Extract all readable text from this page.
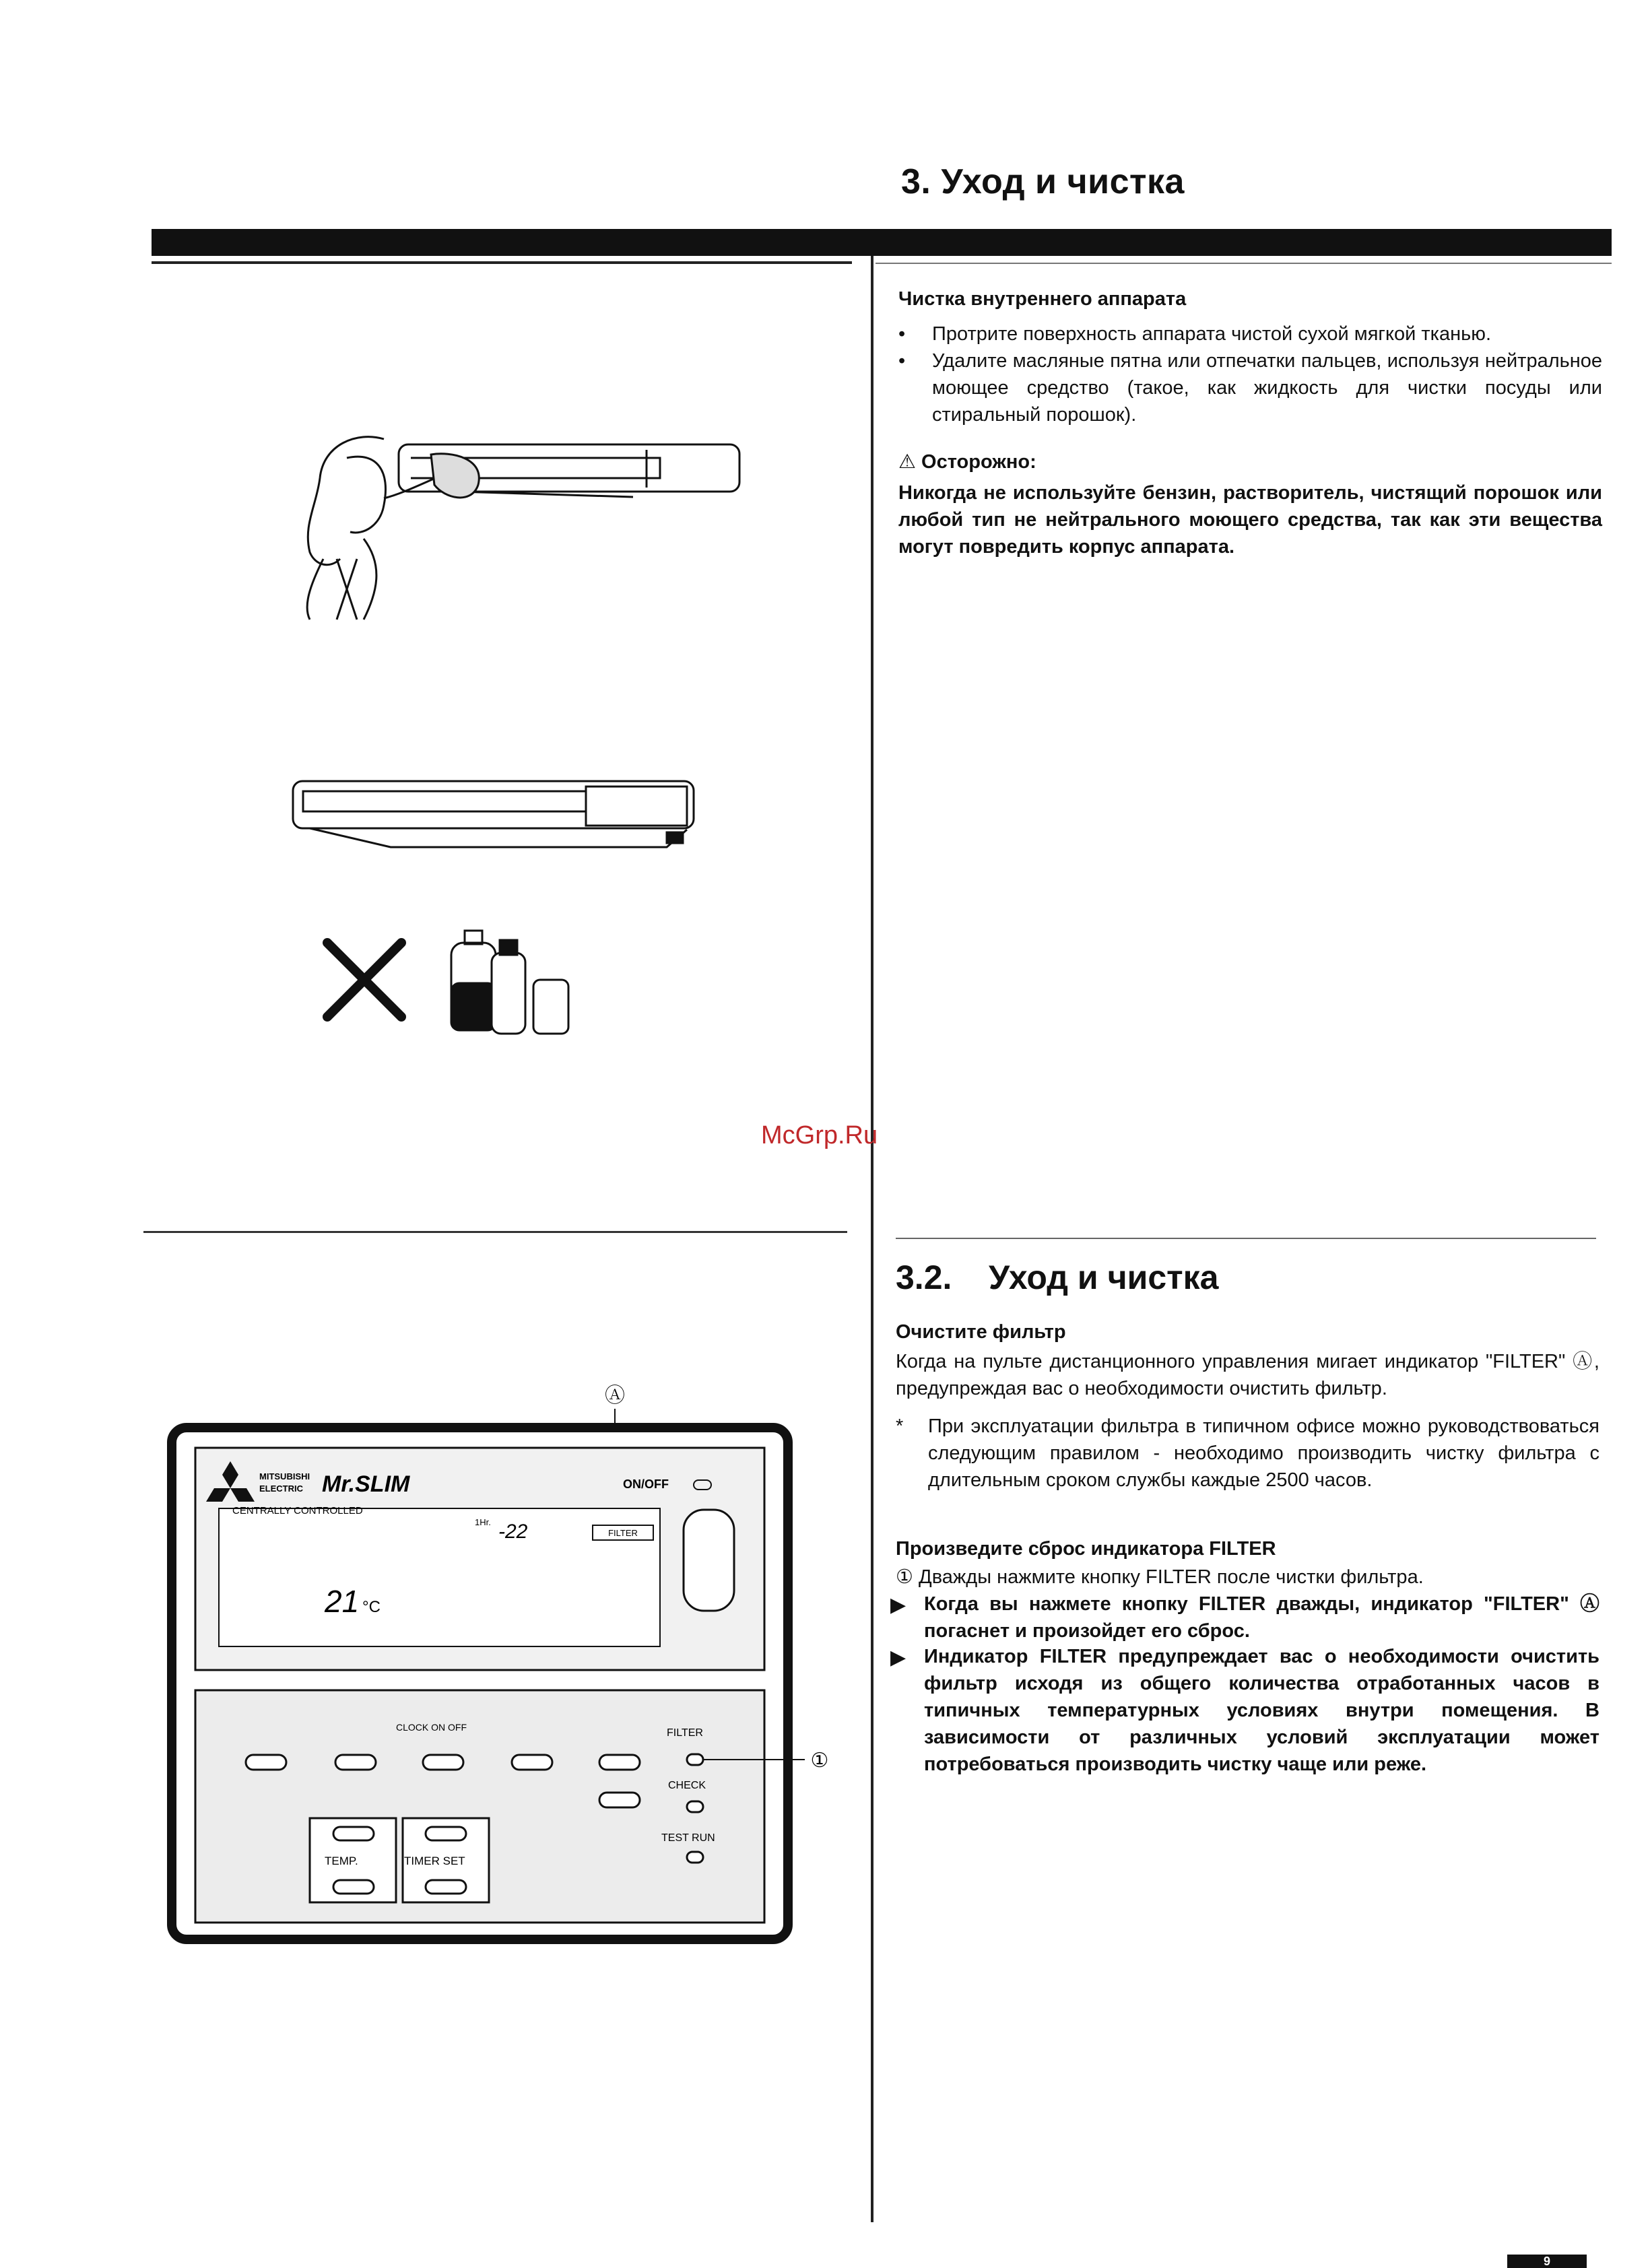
3. Уход и чистка
Чистка внутреннего аппарата
• Протрите поверхность аппарата чистой сухой мягкой тканью.
• Удалите масляные пятна или отпечатки пальцев, используя нейтральное моющее средство (такое, как жидкость для чистки посуды или стиральный порошок).
⚠ Осторожно:
Никогда не используйте бензин, растворитель, чистящий порошок или любой тип не нейтрального моющего средства, так как эти вещества могут повредить корпус аппарата.
McGrp.Ru
3.2. Уход и чистка
Очистите фильтр
Когда на пульте дистанционного управления мигает индикатор "FILTER" Ⓐ, предупреждая вас о необходимости очистить фильтр.
* При эксплуатации фильтра в типичном офисе можно руководствоваться следующим правилом - необходимо производить чистку фильтра с длительным сроком службы каждые 2500 часов.
Произведите сброс индикатора FILTER
① Дважды нажмите кнопку FILTER после чистки фильтра.
▶ Когда вы нажмете кнопку FILTER дважды, индикатор "FILTER" Ⓐ погаснет и произойдет его сброс.
▶ Индикатор FILTER предупреждает вас о необходимости очистить фильтр исходя из общего количества отработанных часов в типичных температурных условиях внутри помещения. В зависимости от различных условий эксплуатации может потребоваться производить чистку чаще или реже.
Ⓐ
MITSUBISHI
ELECTRIC Mr.SLIM	ON/OFF
CENTRALLY CONTROLLED
21 °C
1Hr. -22	FILTER
CLOCK ON OFF	FILTER
CHECK
TEST RUN
TEMP.	TIMER SET
①
9
